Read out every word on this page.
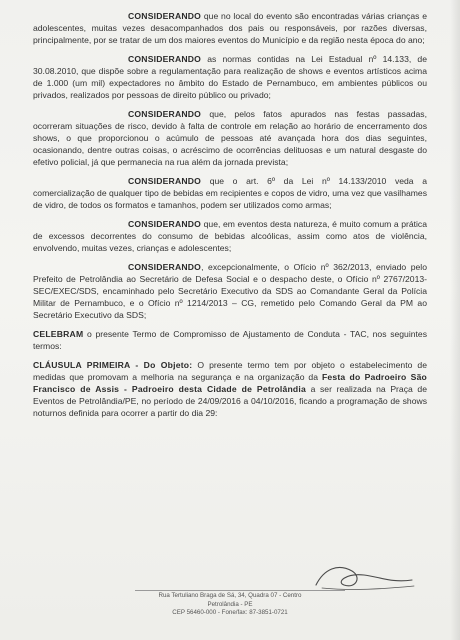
CONSIDERANDO que no local do evento são encontradas várias crianças e adolescentes, muitas vezes desacompanhados dos pais ou responsáveis, por razões diversas, principalmente, por se tratar de um dos maiores eventos do Município e da região nesta época do ano;

CONSIDERANDO as normas contidas na Lei Estadual nº 14.133, de 30.08.2010, que dispõe sobre a regulamentação para realização de shows e eventos artísticos acima de 1.000 (um mil) expectadores no âmbito do Estado de Pernambuco, em ambientes públicos ou privados, realizados por pessoas de direito público ou privado;

CONSIDERANDO que, pelos fatos apurados nas festas passadas, ocorreram situações de risco, devido à falta de controle em relação ao horário de encerramento dos shows, o que proporcionou o acúmulo de pessoas até avançada hora dos dias seguintes, ocasionando, dentre outras coisas, o acréscimo de ocorrências delituosas e um natural desgaste do efetivo policial, já que permanecia na rua além da jornada prevista;

CONSIDERANDO que o art. 6º da Lei nº 14.133/2010 veda a comercialização de qualquer tipo de bebidas em recipientes e copos de vidro, uma vez que vasilhames de vidro, de todos os formatos e tamanhos, podem ser utilizados como armas;

CONSIDERANDO que, em eventos desta natureza, é muito comum a prática de excessos decorrentes do consumo de bebidas alcoólicas, assim como atos de violência, envolvendo, muitas vezes, crianças e adolescentes;

CONSIDERANDO, excepcionalmente, o Ofício nº 362/2013, enviado pelo Prefeito de Petrolândia ao Secretário de Defesa Social e o despacho deste, o Ofício nº 2767/2013-SEC/EXEC/SDS, encaminhado pelo Secretário Executivo da SDS ao Comandante Geral da Polícia Militar de Pernambuco, e o Ofício nº 1214/2013 – CG, remetido pelo Comando Geral da PM ao Secretário Executivo da SDS;

CELEBRAM o presente Termo de Compromisso de Ajustamento de Conduta - TAC, nos seguintes termos:

CLÁUSULA PRIMEIRA - Do Objeto: O presente termo tem por objeto o estabelecimento de medidas que promovam a melhoria na segurança e na organização da Festa do Padroeiro São Francisco de Assis - Padroeiro desta Cidade de Petrolândia a ser realizada na Praça de Eventos de Petrolândia/PE, no período de 24/09/2016 a 04/10/2016, ficando a programação de shows noturnos definida para ocorrer a partir do dia 29:

Rua Tertuliano Braga de Sá, 34, Quadra 07 - Centro
Petrolândia - PE
CEP 56460-000 - Fone/fax: 87-3851-0721
